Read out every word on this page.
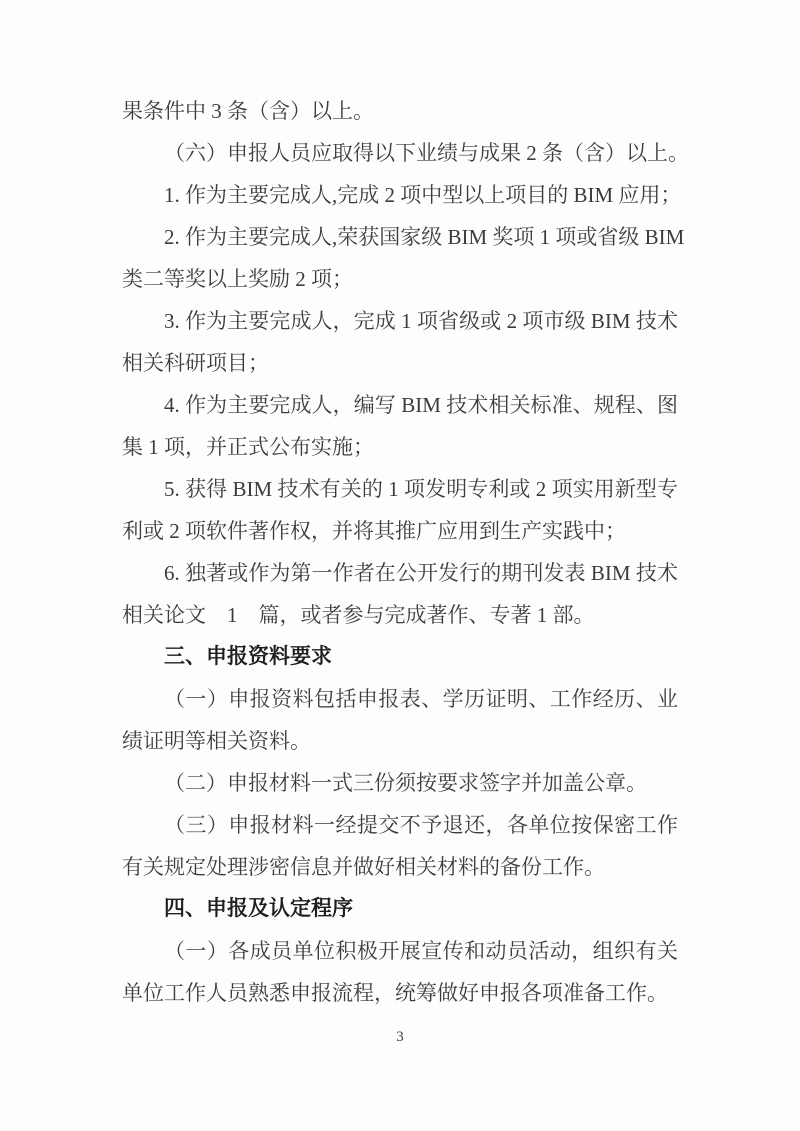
果条件中 3 条（含）以上。

（六）申报人员应取得以下业绩与成果 2 条（含）以上。

1. 作为主要完成人,完成 2 项中型以上项目的 BIM 应用；

2. 作为主要完成人,荣获国家级 BIM 奖项 1 项或省级 BIM
类二等奖以上奖励 2 项；

3. 作为主要完成人，完成 1 项省级或 2 项市级 BIM 技术
相关科研项目；

4. 作为主要完成人，编写 BIM 技术相关标准、规程、图
集 1 项，并正式公布实施；

5. 获得 BIM 技术有关的 1 项发明专利或 2 项实用新型专
利或 2 项软件著作权，并将其推广应用到生产实践中；

6. 独著或作为第一作者在公开发行的期刊发表 BIM 技术
相关论文　1　篇，或者参与完成著作、专著 1 部。

三、申报资料要求

（一）申报资料包括申报表、学历证明、工作经历、业
绩证明等相关资料。

（二）申报材料一式三份须按要求签字并加盖公章。

（三）申报材料一经提交不予退还，各单位按保密工作
有关规定处理涉密信息并做好相关材料的备份工作。

四、申报及认定程序

（一）各成员单位积极开展宣传和动员活动，组织有关
单位工作人员熟悉申报流程，统筹做好申报各项准备工作。

3
